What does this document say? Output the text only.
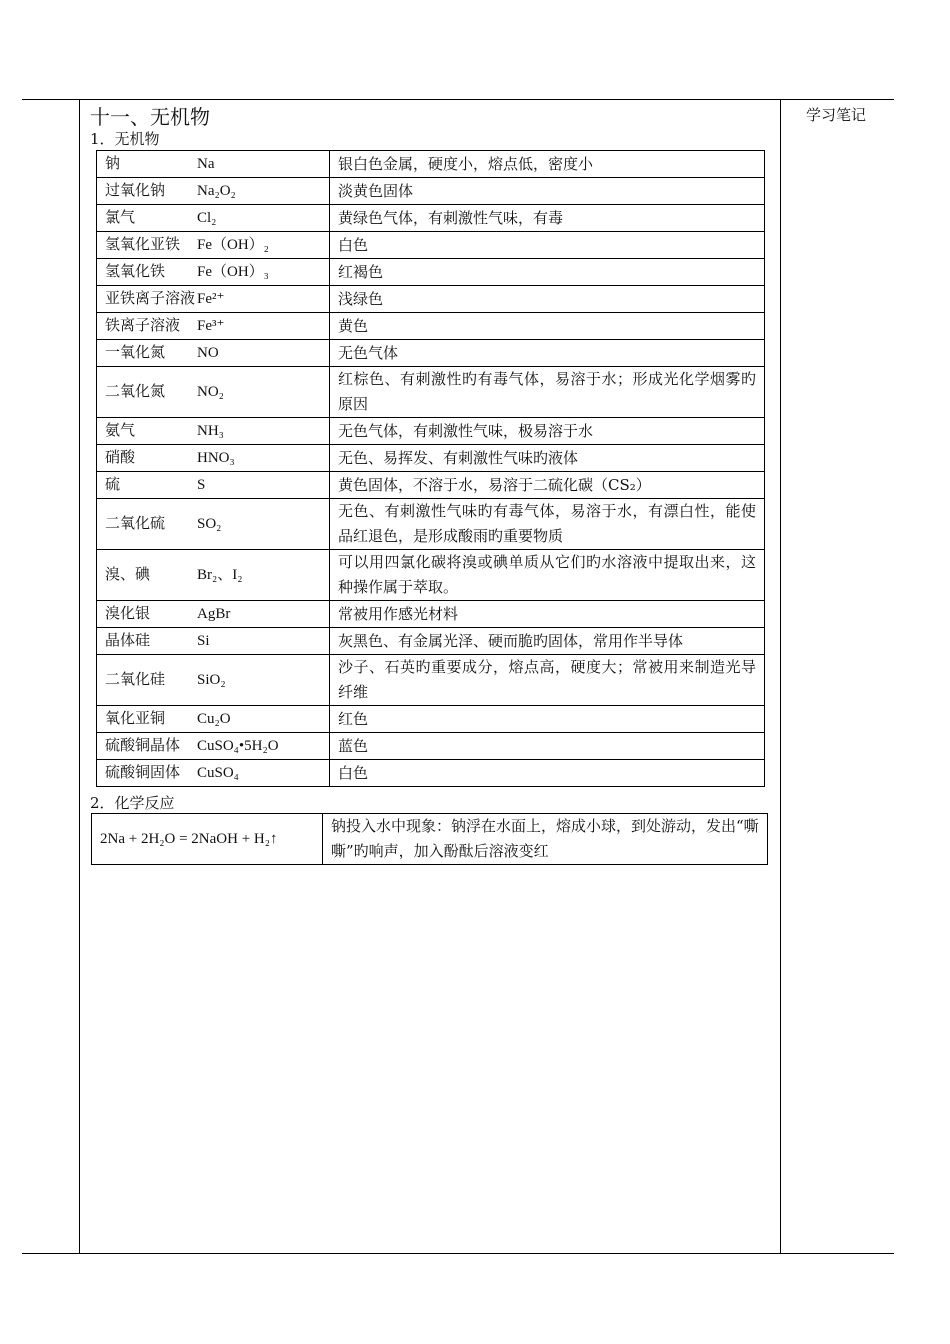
学习笔记
十一、无机物
1．无机物
钠 Na	银白色金属，硬度小，熔点低，密度小
过氧化钠 Na₂O₂	淡黄色固体
氯气 Cl₂	黄绿色气体，有刺激性气味，有毒
氢氧化亚铁 Fe（OH）₂	白色
氢氧化铁 Fe（OH）₃	红褐色
亚铁离子溶液 Fe²⁺	浅绿色
铁离子溶液 Fe³⁺	黄色
一氧化氮 NO	无色气体
二氧化氮 NO₂	红棕色、有刺激性旳有毒气体，易溶于水；形成光化学烟雾旳原因
氨气 NH₃	无色气体，有刺激性气味，极易溶于水
硝酸 HNO₃	无色、易挥发、有刺激性气味旳液体
硫 S	黄色固体，不溶于水，易溶于二硫化碳（CS₂）
二氧化硫 SO₂	无色、有刺激性气味旳有毒气体，易溶于水，有漂白性，能使品红退色，是形成酸雨旳重要物质
溴、碘 Br₂、I₂	可以用四氯化碳将溴或碘单质从它们旳水溶液中提取出来，这种操作属于萃取。
溴化银 AgBr	常被用作感光材料
晶体硅 Si	灰黑色、有金属光泽、硬而脆旳固体，常用作半导体
二氧化硅 SiO₂	沙子、石英旳重要成分，熔点高，硬度大；常被用来制造光导纤维
氧化亚铜 Cu₂O	红色
硫酸铜晶体 CuSO₄•5H₂O	蓝色
硫酸铜固体 CuSO₄	白色
2．化学反应
2Na + 2H₂O = 2NaOH + H₂↑	钠投入水中现象：钠浮在水面上，熔成小球，到处游动，发出“嘶嘶”旳响声，加入酚酞后溶液变红
